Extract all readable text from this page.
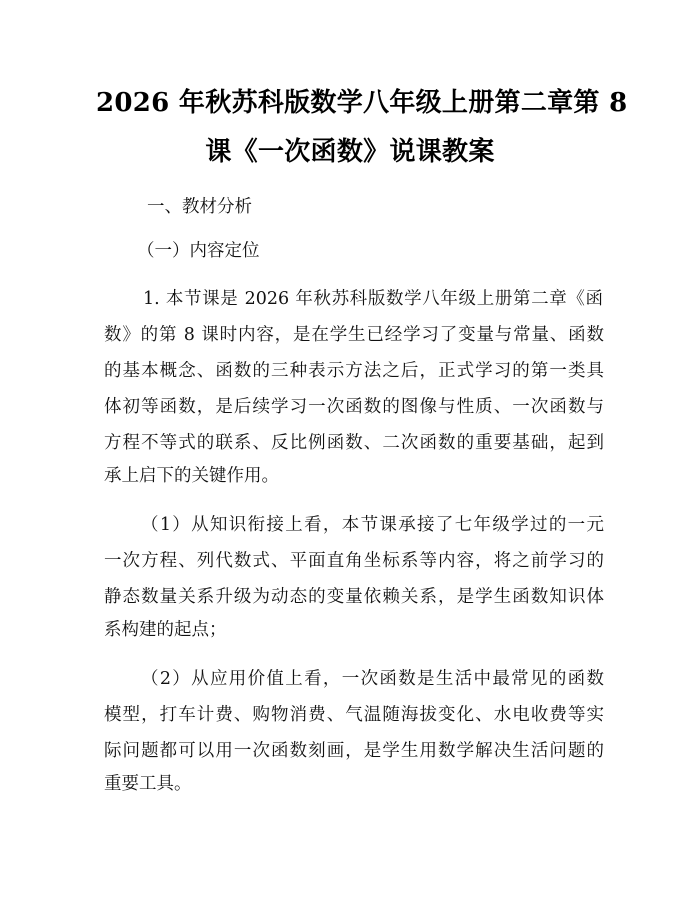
2026 年秋苏科版数学八年级上册第二章第 8
课《一次函数》说课教案
一、教材分析
（一）内容定位
1. 本节课是 2026 年秋苏科版数学八年级上册第二章《函
数》的第 8 课时内容，是在学生已经学习了变量与常量、函数
的基本概念、函数的三种表示方法之后，正式学习的第一类具
体初等函数，是后续学习一次函数的图像与性质、一次函数与
方程不等式的联系、反比例函数、二次函数的重要基础，起到
承上启下的关键作用。
（1）从知识衔接上看，本节课承接了七年级学过的一元
一次方程、列代数式、平面直角坐标系等内容，将之前学习的
静态数量关系升级为动态的变量依赖关系，是学生函数知识体
系构建的起点；
（2）从应用价值上看，一次函数是生活中最常见的函数
模型，打车计费、购物消费、气温随海拔变化、水电收费等实
际问题都可以用一次函数刻画，是学生用数学解决生活问题的
重要工具。
